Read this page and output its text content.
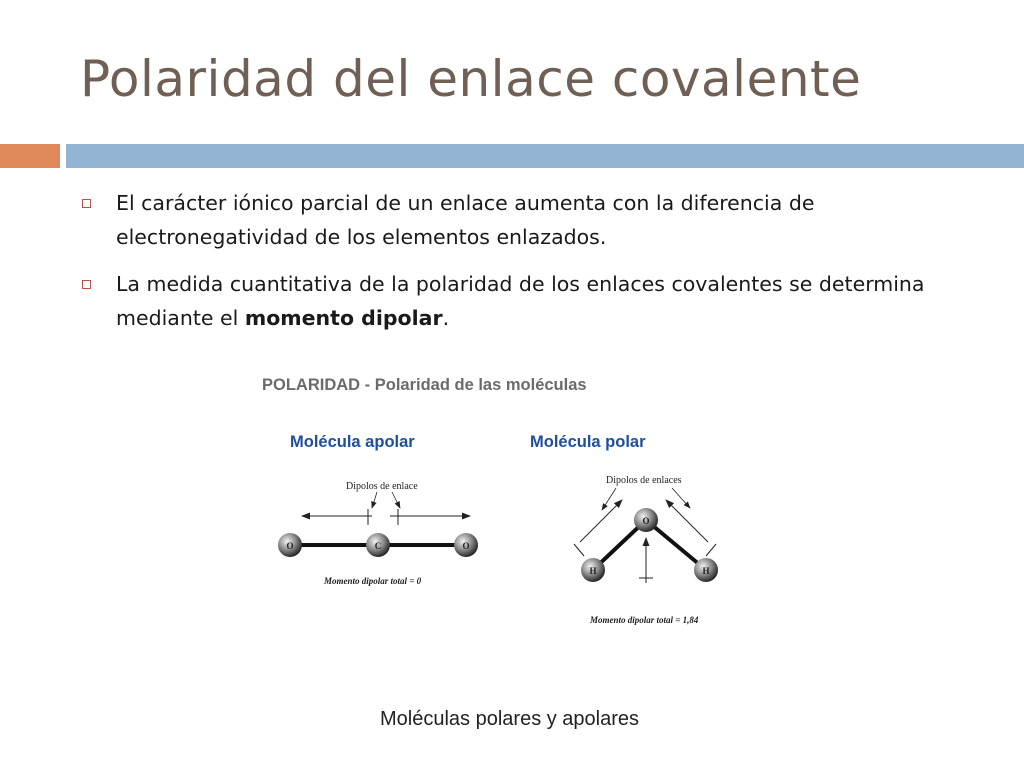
Polaridad del enlace covalente
El carácter iónico parcial de un enlace aumenta con la diferencia de electronegatividad de los elementos enlazados.
La medida cuantitativa de la polaridad de los enlaces covalentes se determina mediante el momento dipolar.
Dipolos de enlace
O	C	O
Momento dipolar total = 0
Dipolos de enlaces
O
H	H
Momento dipolar total = 1,84
POLARIDAD - Polaridad de las moléculas
Molécula apolar	Molécula polar
Moléculas polares y apolares
